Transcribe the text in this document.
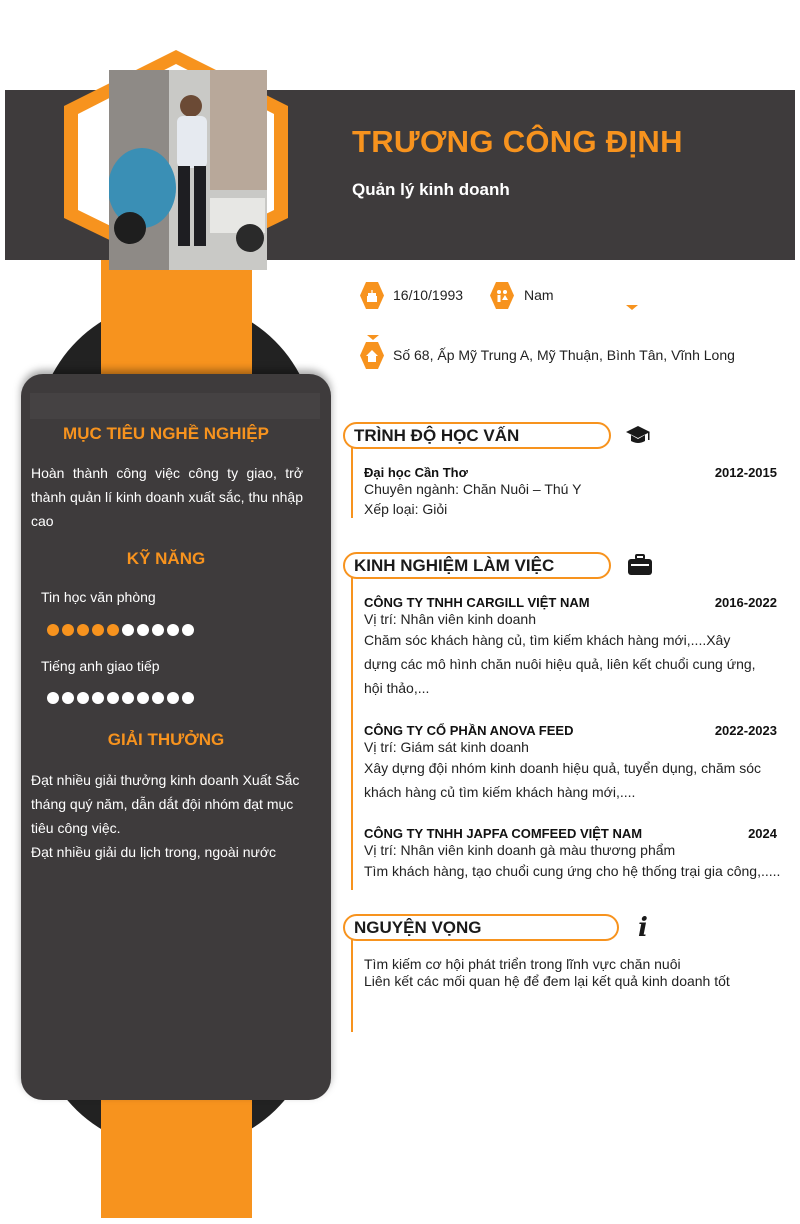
TRƯƠNG CÔNG ĐỊNH
Quản lý kinh doanh
16/10/1993	Nam
Số 68, Ấp Mỹ Trung A, Mỹ Thuận, Bình Tân, Vĩnh Long
MỤC TIÊU NGHỀ NGHIỆP
Hoàn thành công việc công ty giao, trở thành quản lí kinh doanh xuất sắc, thu nhập cao
KỸ NĂNG
Tin học văn phòng
Tiếng anh giao tiếp
GIẢI THƯỞNG
Đạt nhiều giải thưởng kinh doanh Xuất Sắc tháng quý năm, dẫn dắt đội nhóm đạt mục tiêu công việc.
Đạt nhiều giải du lịch trong, ngoài nước
TRÌNH ĐỘ HỌC VẤN
Đại học Cần Thơ	2012-2015
Chuyên ngành: Chăn Nuôi – Thú Y
Xếp loại: Giỏi
KINH NGHIỆM LÀM VIỆC
CÔNG TY TNHH CARGILL VIỆT NAM	2016-2022
Vị trí: Nhân viên kinh doanh
Chăm sóc khách hàng củ, tìm kiếm khách hàng mới,....Xây dựng các mô hình chăn nuôi hiệu quả, liên kết chuổi cung ứng, hội thảo,...
CÔNG TY CỔ PHẦN ANOVA FEED	2022-2023
Vị trí: Giám sát kinh doanh
Xây dựng đội nhóm kinh doanh hiệu quả, tuyển dụng, chăm sóc khách hàng củ tìm kiếm khách hàng mới,....
CÔNG TY TNHH JAPFA COMFEED VIỆT NAM	2024
Vị trí: Nhân viên kinh doanh gà màu thương phẩm
Tìm khách hàng, tạo chuổi cung ứng cho hệ thống trại gia công,.....
NGUYỆN VỌNG	i
Tìm kiếm cơ hội phát triển trong lĩnh vực chăn nuôi
Liên kết các mối quan hệ để đem lại kết quả kinh doanh tốt
